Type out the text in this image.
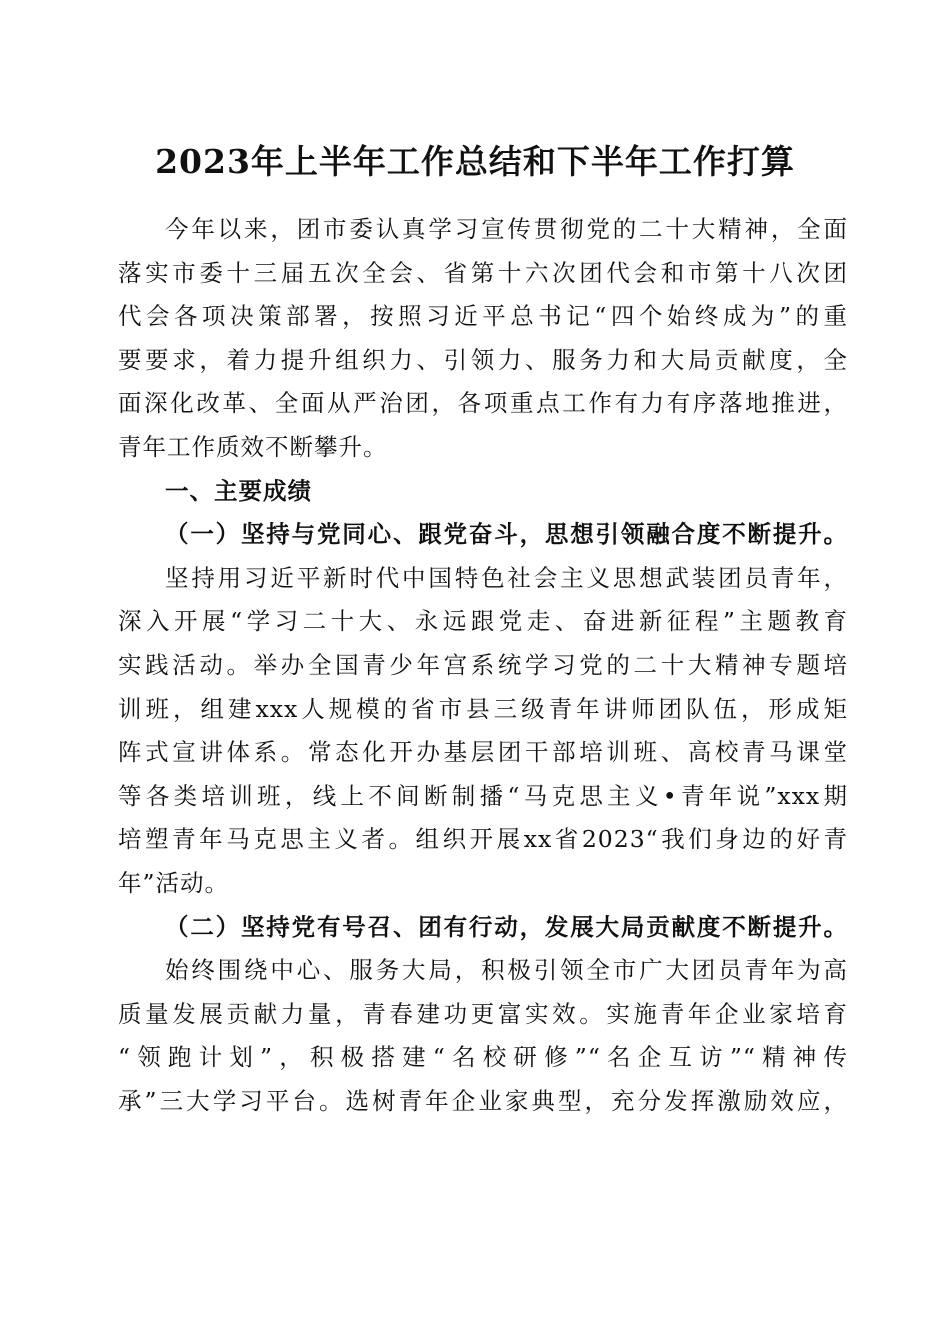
2023年上半年工作总结和下半年工作打算
今年以来，团市委认真学习宣传贯彻党的二十大精神，全面
落实市委十三届五次全会、省第十六次团代会和市第十八次团
代会各项决策部署，按照习近平总书记“四个始终成为”的重
要要求，着力提升组织力、引领力、服务力和大局贡献度，全
面深化改革、全面从严治团，各项重点工作有力有序落地推进，
青年工作质效不断攀升。
一、主要成绩
（一）坚持与党同心、跟党奋斗，思想引领融合度不断提升。
坚持用习近平新时代中国特色社会主义思想武装团员青年，
深入开展“学习二十大、永远跟党走、奋进新征程”主题教育
实践活动。举办全国青少年宫系统学习党的二十大精神专题培
训班，组建xxx人规模的省市县三级青年讲师团队伍，形成矩
阵式宣讲体系。常态化开办基层团干部培训班、高校青马课堂
等各类培训班，线上不间断制播“马克思主义•青年说”xxx期
培塑青年马克思主义者。组织开展xx省2023“我们身边的好青
年”活动。
（二）坚持党有号召、团有行动，发展大局贡献度不断提升。
始终围绕中心、服务大局，积极引领全市广大团员青年为高
质量发展贡献力量，青春建功更富实效。实施青年企业家培育
“领跑计划”，积极搭建“名校研修”“名企互访”“精神传
承”三大学习平台。选树青年企业家典型，充分发挥激励效应，
